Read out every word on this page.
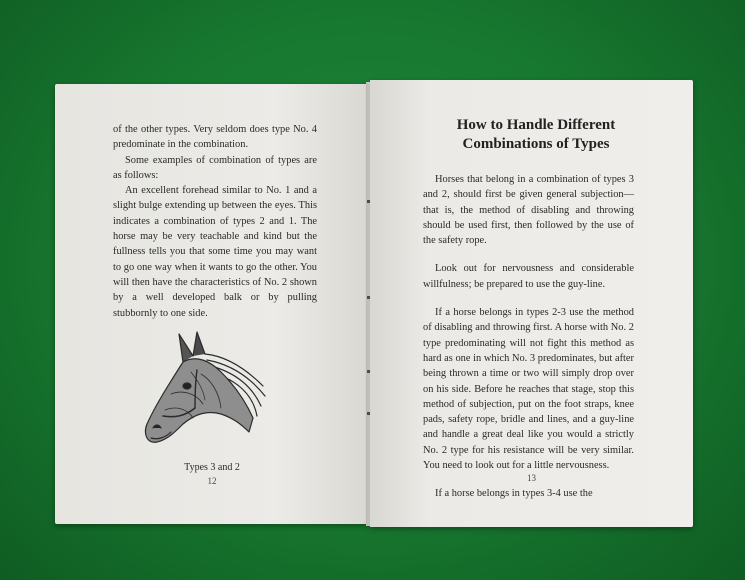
of the other types. Very seldom does type No. 4 predominate in the combination.

Some examples of combination of types are as follows:

An excellent forehead similar to No. 1 and a slight bulge extending up between the eyes. This indicates a combination of types 2 and 1. The horse may be very teachable and kind but the fullness tells you that some time you may want to go one way when it wants to go the other. You will then have the characteristics of No. 2 shown by a well developed balk or by pulling stubbornly to one side.

Types 3 and 2
12
How to Handle Different
Combinations of Types

Horses that belong in a combination of types 3 and 2, should first be given general subjection—that is, the method of disabling and throwing should be used first, then followed by the use of the safety rope.

Look out for nervousness and considerable willfulness; be prepared to use the guy-line.

If a horse belongs in types 2-3 use the method of disabling and throwing first. A horse with No. 2 type predominating will not fight this method as hard as one in which No. 3 predominates, but after being thrown a time or two will simply drop over on his side. Before he reaches that stage, stop this method of subjection, put on the foot straps, knee pads, safety rope, bridle and lines, and a guy-line and handle a great deal like you would a strictly No. 2 type for his resistance will be very similar. You need to look out for a little nervousness.

If a horse belongs in types 3-4 use the

13
